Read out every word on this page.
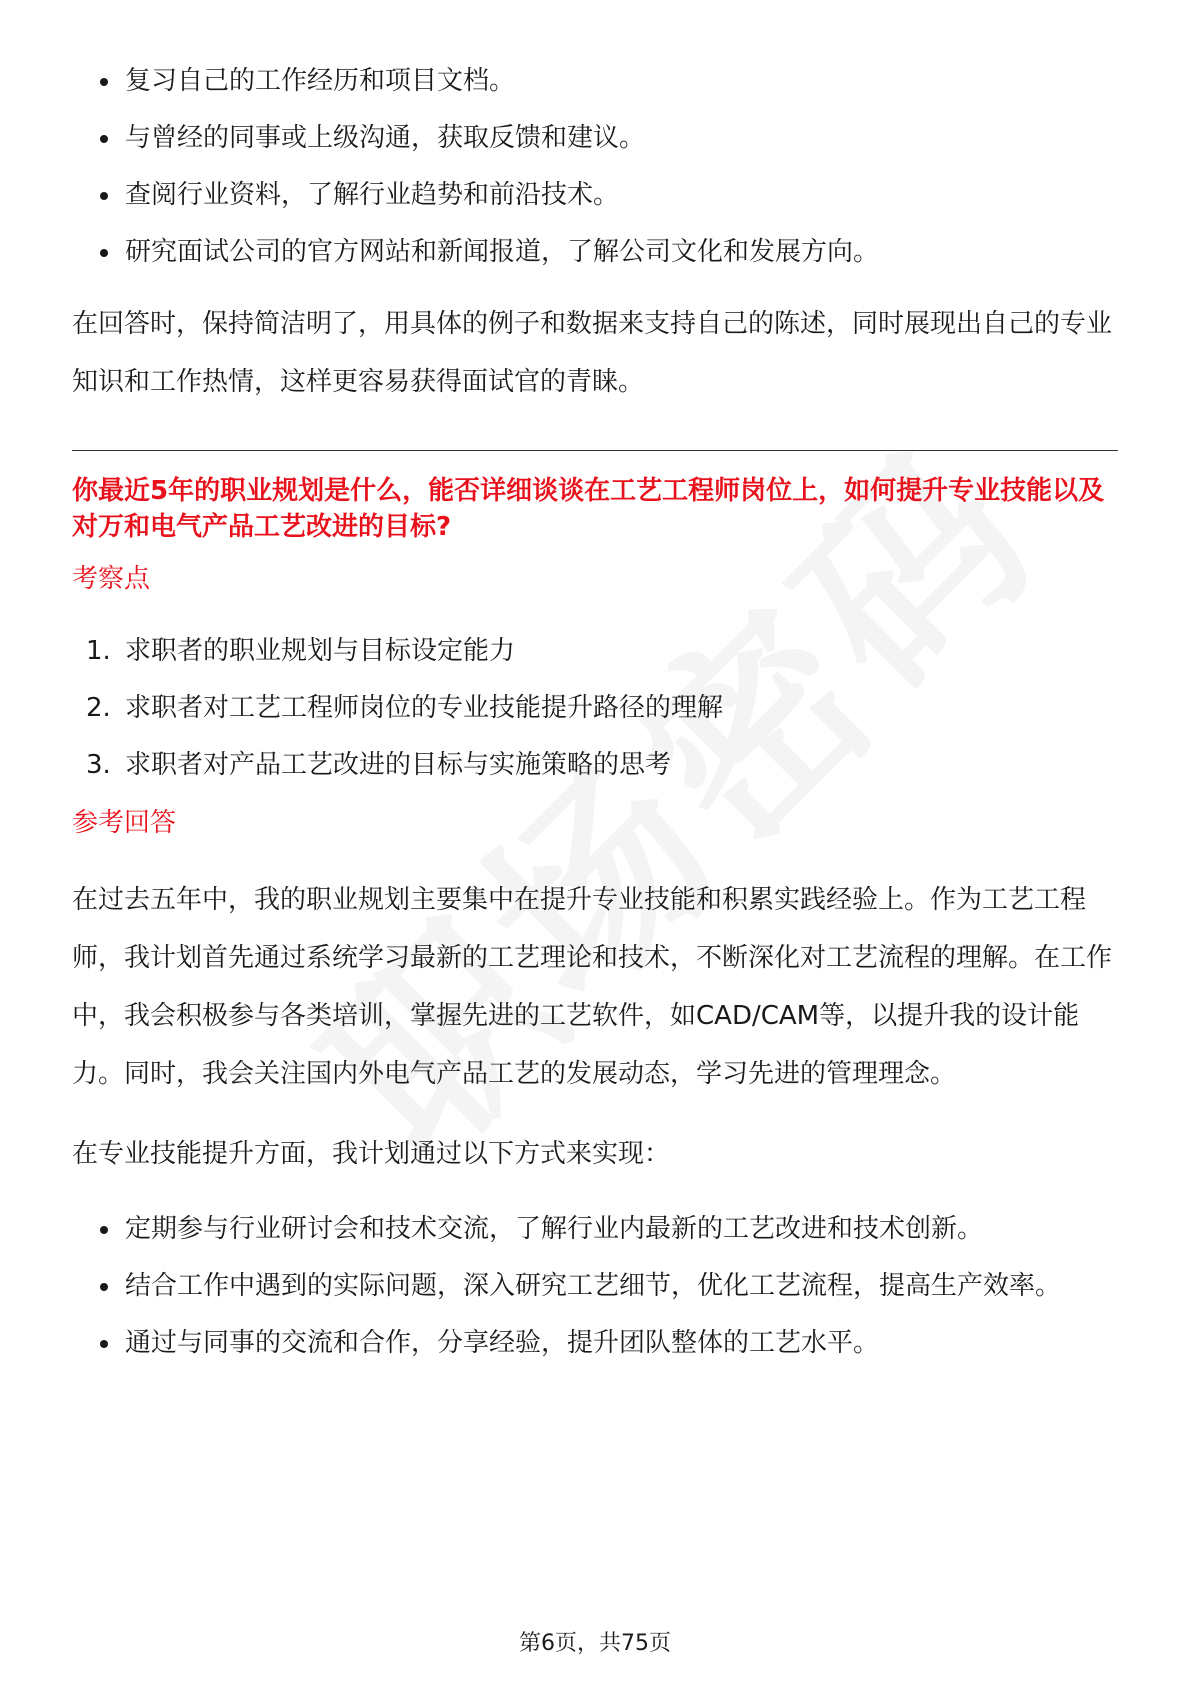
复习自己的工作经历和项目文档。
与曾经的同事或上级沟通，获取反馈和建议。
查阅行业资料，了解行业趋势和前沿技术。
研究面试公司的官方网站和新闻报道，了解公司文化和发展方向。

在回答时，保持简洁明了，用具体的例子和数据来支持自己的陈述，同时展现出自己的专业知识和工作热情，这样更容易获得面试官的青睐。

你最近5年的职业规划是什么，能否详细谈谈在工艺工程师岗位上，如何提升专业技能以及对万和电气产品工艺改进的目标?

考察点

1. 求职者的职业规划与目标设定能力
2. 求职者对工艺工程师岗位的专业技能提升路径的理解
3. 求职者对产品工艺改进的目标与实施策略的思考

参考回答

在过去五年中，我的职业规划主要集中在提升专业技能和积累实践经验上。作为工艺工程师，我计划首先通过系统学习最新的工艺理论和技术，不断深化对工艺流程的理解。在工作中，我会积极参与各类培训，掌握先进的工艺软件，如CAD/CAM等，以提升我的设计能力。同时，我会关注国内外电气产品工艺的发展动态，学习先进的管理理念。

在专业技能提升方面，我计划通过以下方式来实现：

定期参与行业研讨会和技术交流，了解行业内最新的工艺改进和技术创新。
结合工作中遇到的实际问题，深入研究工艺细节，优化工艺流程，提高生产效率。
通过与同事的交流和合作，分享经验，提升团队整体的工艺水平。
第6页，共75页
